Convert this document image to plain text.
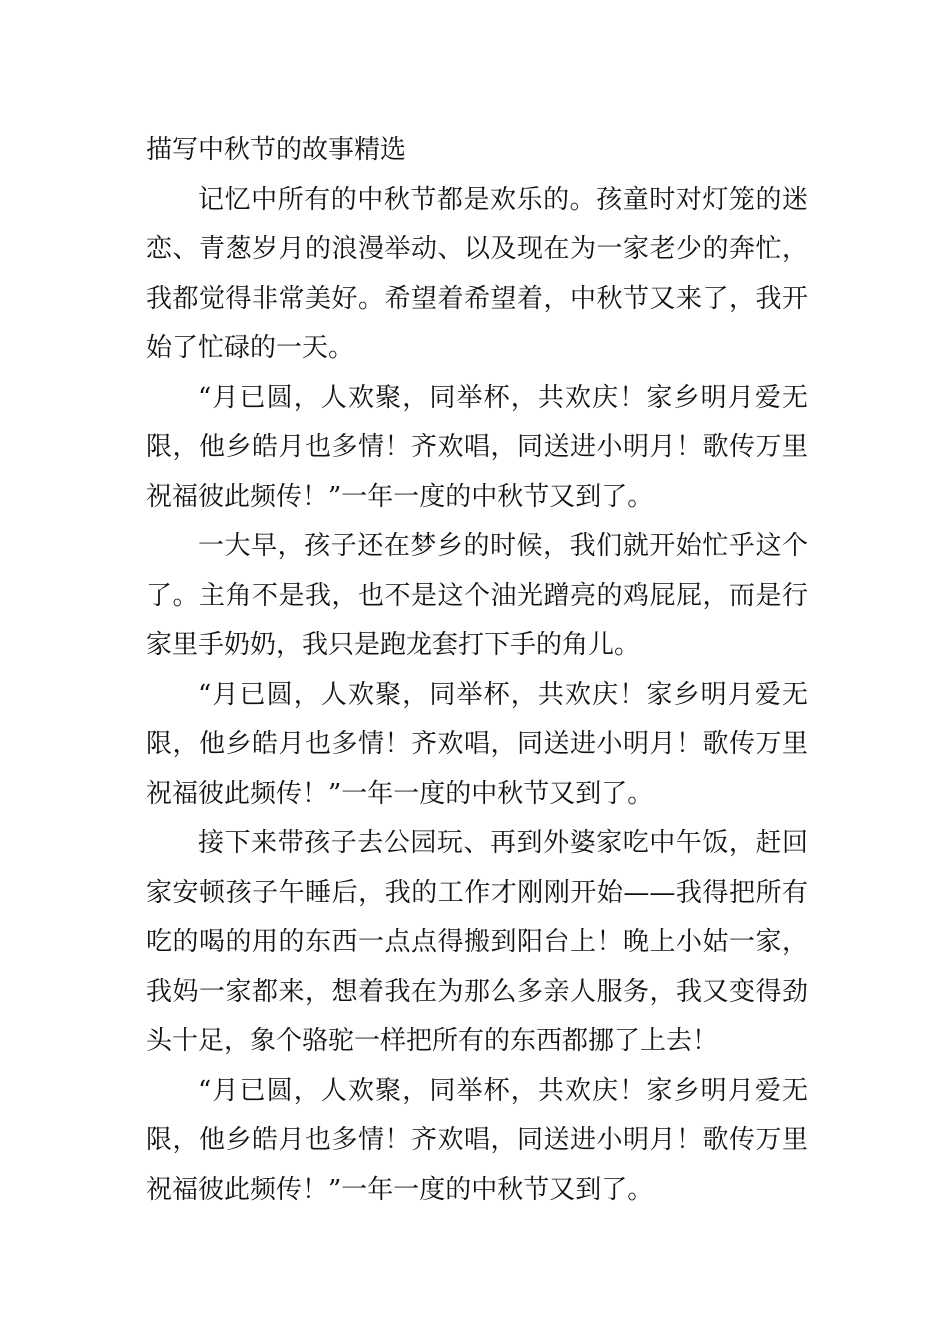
描写中秋节的故事精选

记忆中所有的中秋节都是欢乐的。孩童时对灯笼的迷恋、青葱岁月的浪漫举动、以及现在为一家老少的奔忙，我都觉得非常美好。希望着希望着，中秋节又来了，我开始了忙碌的一天。

“月已圆，人欢聚，同举杯，共欢庆！家乡明月爱无限，他乡皓月也多情！齐欢唱，同送进小明月！歌传万里祝福彼此频传！”一年一度的中秋节又到了。

一大早，孩子还在梦乡的时候，我们就开始忙乎这个了。主角不是我，也不是这个油光蹭亮的鸡屁屁，而是行家里手奶奶，我只是跑龙套打下手的角儿。

“月已圆，人欢聚，同举杯，共欢庆！家乡明月爱无限，他乡皓月也多情！齐欢唱，同送进小明月！歌传万里祝福彼此频传！”一年一度的中秋节又到了。

接下来带孩子去公园玩、再到外婆家吃中午饭，赶回家安顿孩子午睡后，我的工作才刚刚开始——我得把所有吃的喝的用的东西一点点得搬到阳台上！晚上小姑一家，我妈一家都来，想着我在为那么多亲人服务，我又变得劲头十足，象个骆驼一样把所有的东西都挪了上去！

“月已圆，人欢聚，同举杯，共欢庆！家乡明月爱无限，他乡皓月也多情！齐欢唱，同送进小明月！歌传万里祝福彼此频传！”一年一度的中秋节又到了。
